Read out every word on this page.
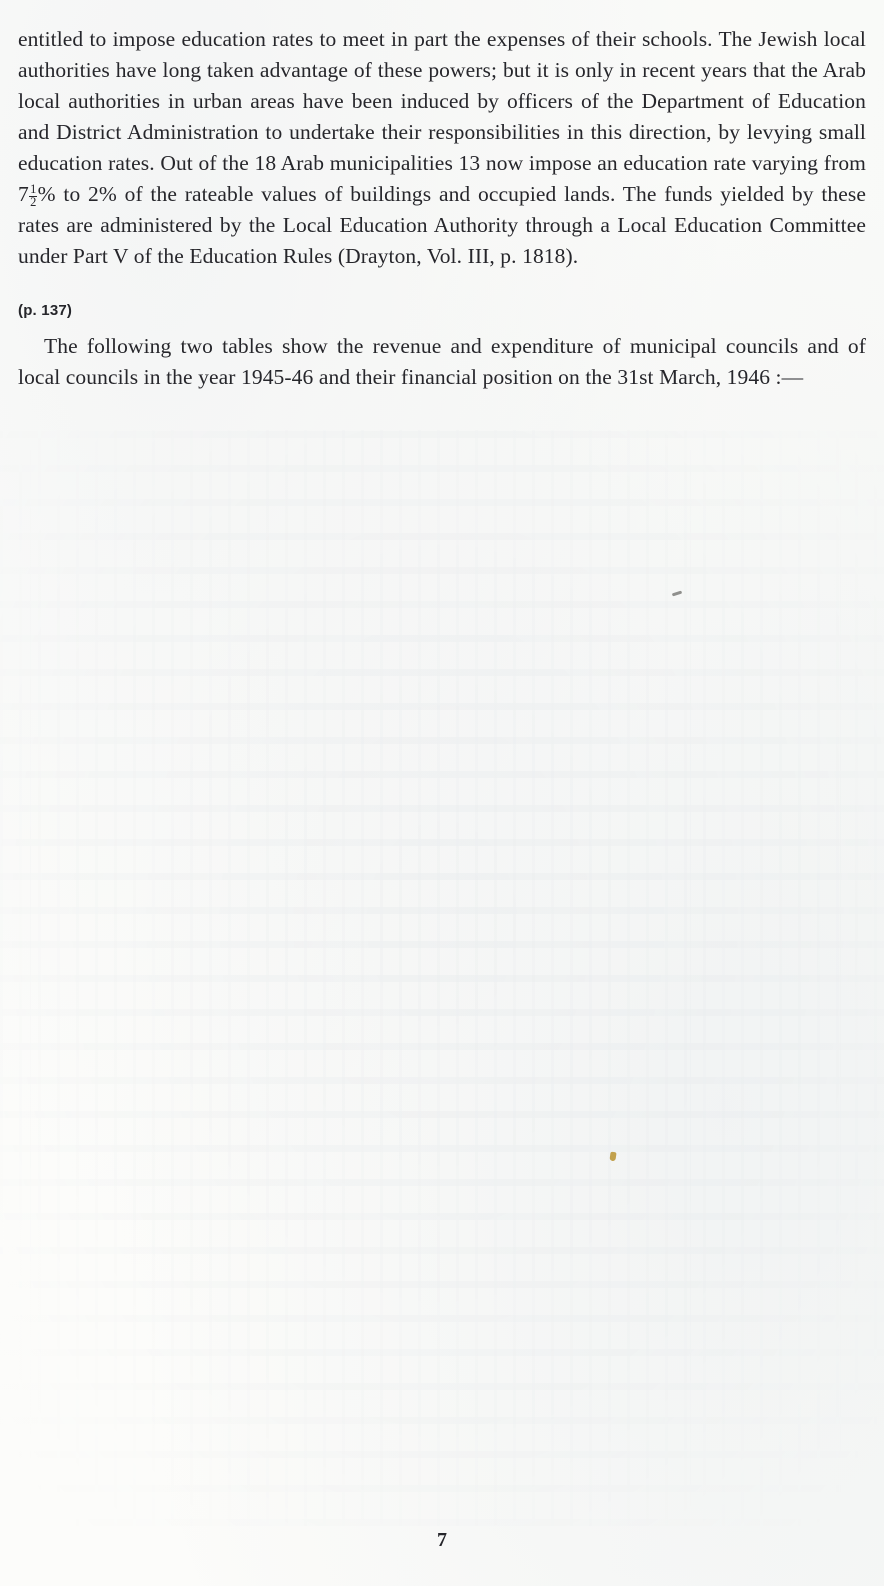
entitled to impose education rates to meet in part the expenses of their schools. The Jewish local authorities have long taken advantage of these powers; but it is only in recent years that the Arab local authorities in urban areas have been induced by officers of the Department of Education and District Administration to undertake their responsibilities in this direction, by levying small education rates. Out of the 18 Arab municipalities 13 now impose an education rate varying from $7 \frac{1}{2}$ % to 2% of the rateable values of buildings and occupied lands. The funds yielded by these rates are administered by the Local Education Authority through a Local Education Committee under Part V of the Education Rules (Drayton, Vol. III, p. 1818).

(p. 137)

The following two tables show the revenue and expenditure of municipal councils and of local councils in the year 1945-46 and their financial position on the 31st March, 1946 :—

7
